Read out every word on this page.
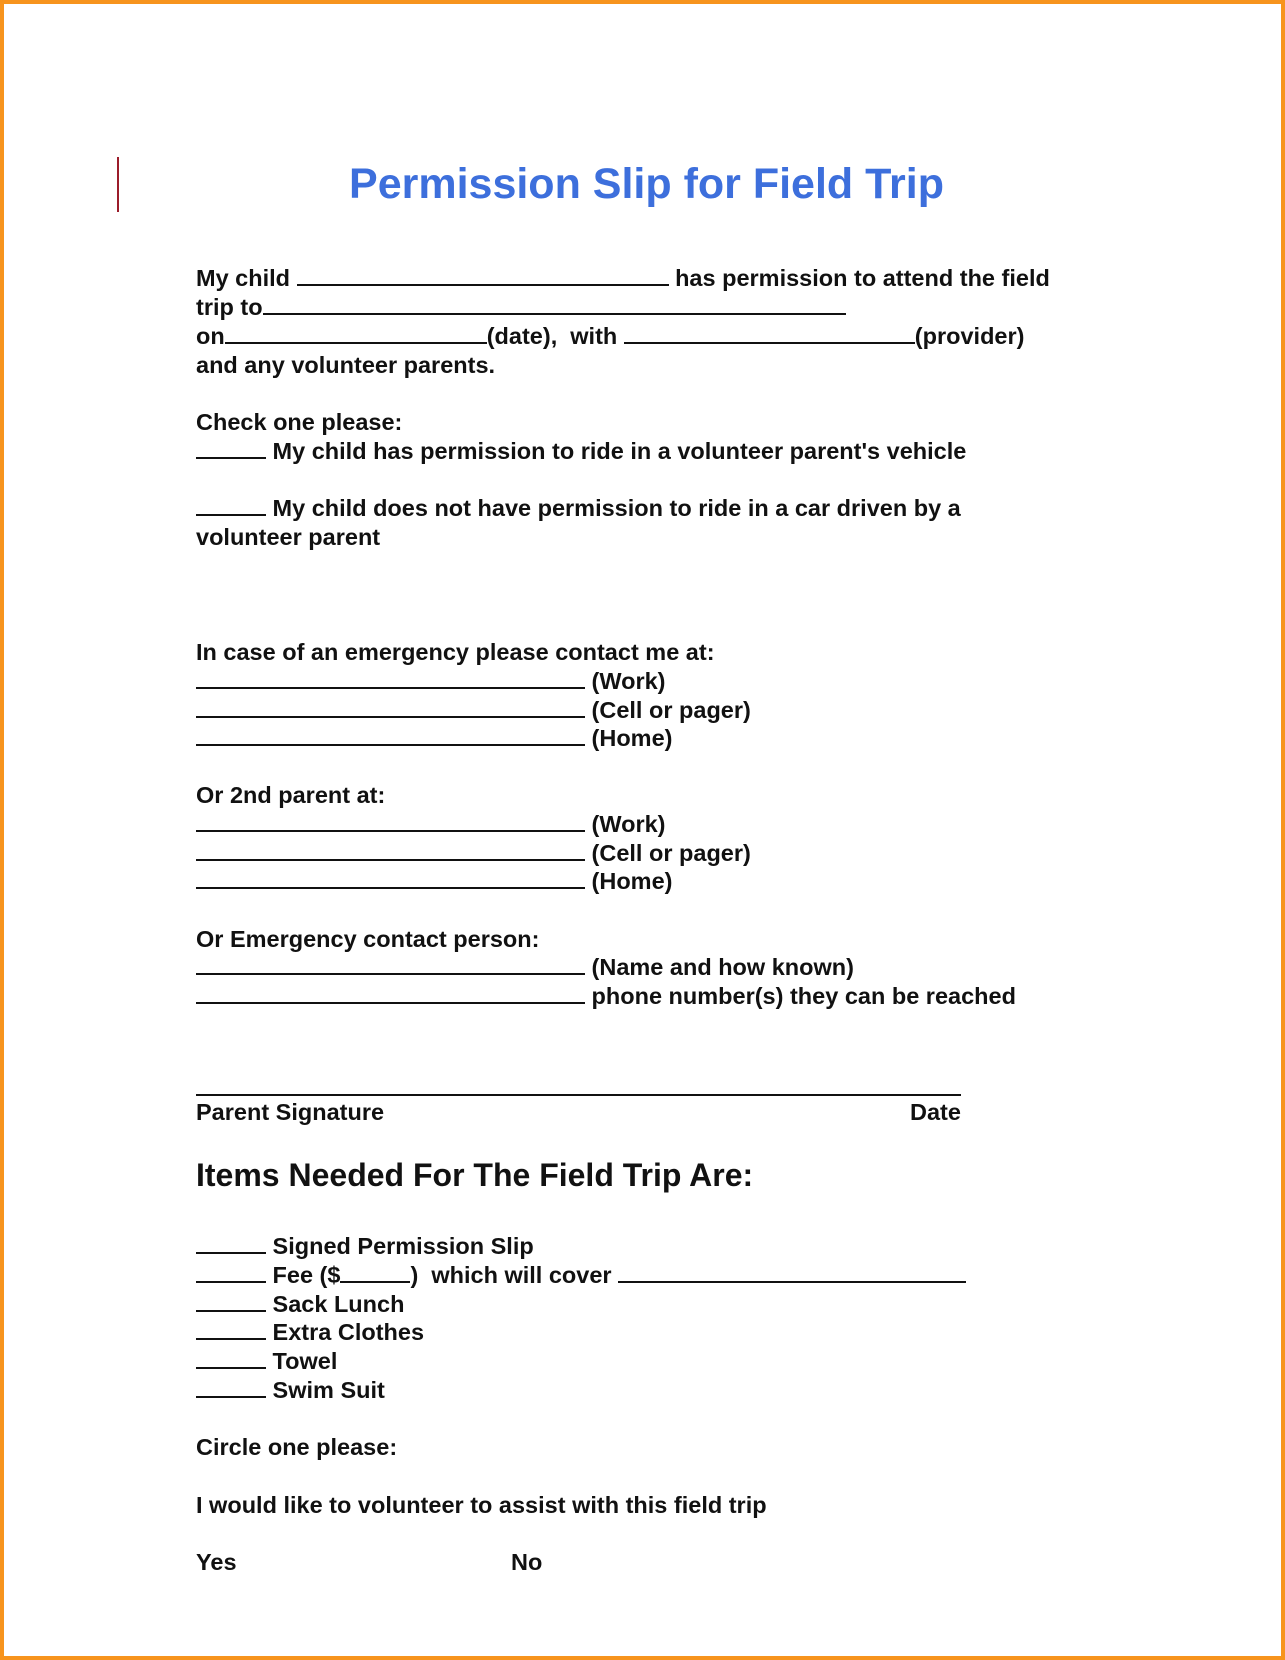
Permission Slip for Field Trip
My child	has permission to attend the field
trip to
on	(date),  with	(provider)
and any volunteer parents.
Check one please:
My child has permission to ride in a volunteer parent's vehicle
My child does not have permission to ride in a car driven by a
volunteer parent
In case of an emergency please contact me at:
(Work)
(Cell or pager)
(Home)
Or 2nd parent at:
(Work)
(Cell or pager)
(Home)
Or Emergency contact person:
(Name and how known)
phone number(s) they can be reached
Parent Signature	Date
Items Needed For The Field Trip Are:
Signed Permission Slip
Fee ($	)  which will cover
Sack Lunch
Extra Clothes
Towel
Swim Suit
Circle one please:
I would like to volunteer to assist with this field trip
Yes	No
